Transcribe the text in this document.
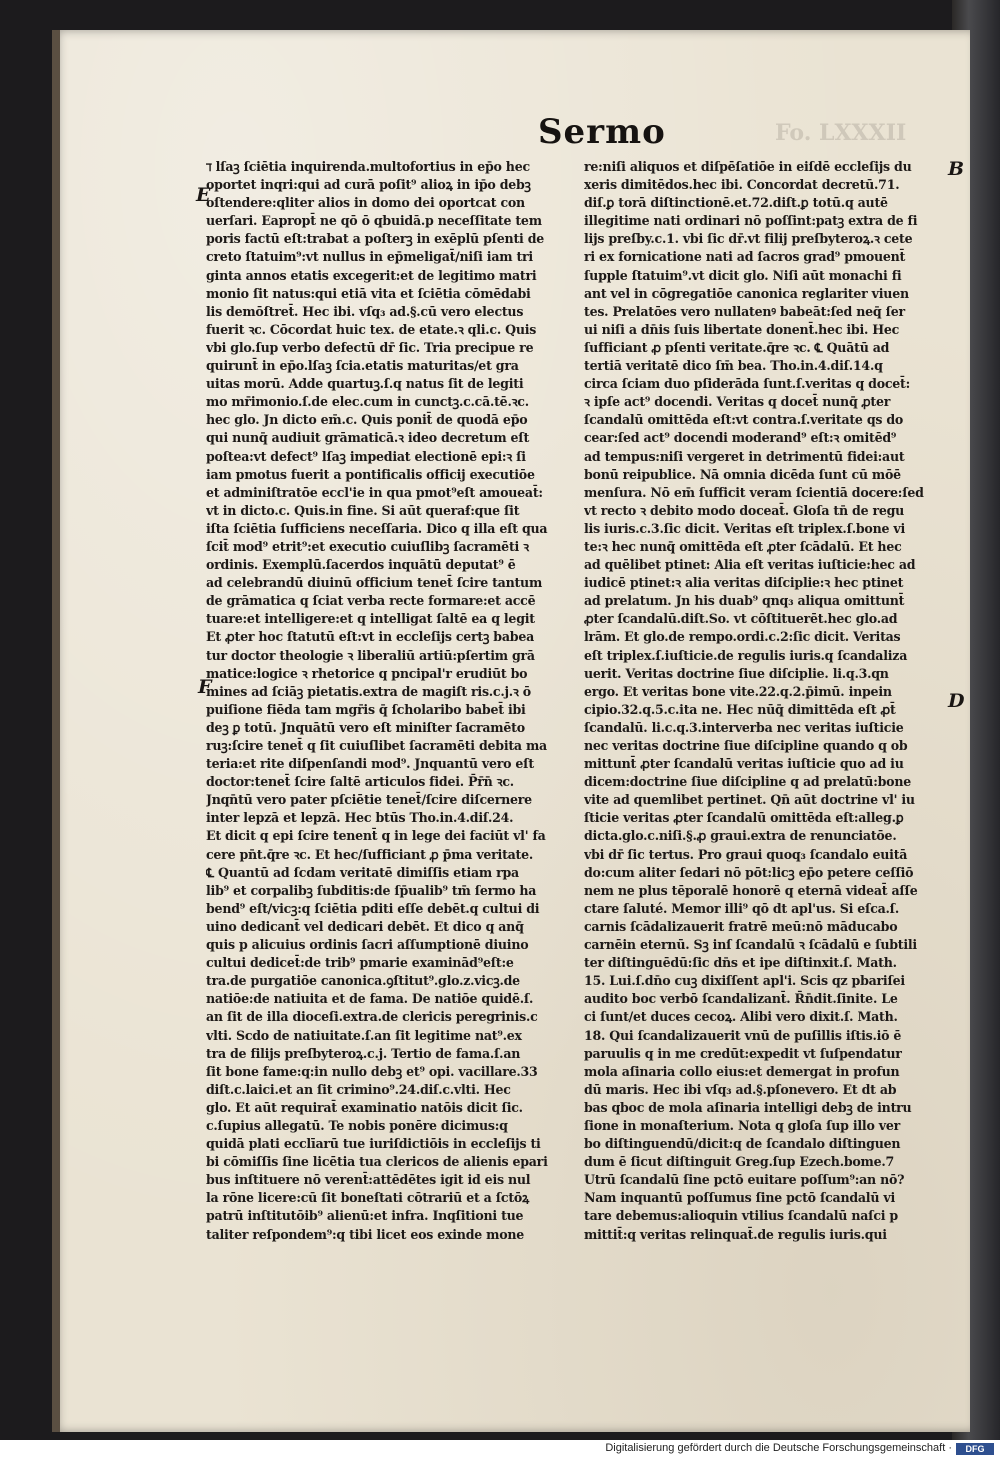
Fo. LXXXII
Sermo
E
F
B
D
ℸ lſaꝫ ſciētia inquirenda.multofortius in ep̄o hec
oportet inqri:qui ad curā poſit⁹ alioꝝ in ip̄o debꝫ
oſtendere:qliter alios in domo dei oportcat con
uerſari. Eapropt̄ ne qō ō qbuidā.p neceſſitate tem
poris factū eſt:trabat a poſterꝫ in exēplū pſenti de
creto ſtatuim⁹:vt nullus in ep̄meligat̄/niſi iam tri
ginta annos etatis excegerit:et de legitimo matri
monio ſit natus:qui etiā vita et ſciētia cōmēdabi
lis demōſtret̄. Hec ibi. vſq₃ ad.§.cū vero electus
fuerit ꝛc. Cōcordat huic tex. de etate.ꝛ qli.c. Quis
vbi glo.ſup verbo defectū dr̄ ſic. Tria precipue re
quirunt̄ in ep̄o.lſaꝫ ſcia.etatis maturitas/et gra
uitas morū. Adde quartuꝫ.ſ.q natus ſit de legiti
mo mr̄imonio.ſ.de elec.cum in cunctꝫ.c.cā.tē.ꝛc.
hec glo. Jn dicto em̄.c. Quis ponit̄ de quodā ep̄o
qui nunq̄ audiuit grāmaticā.ꝛ ideo decretum eſt
poſtea:vt defect⁹ lſaꝫ impediat electionē epi:ꝛ ſi
iam pmotus fuerit a pontificalis officij executiōe
et adminiſtratōe eccl'ie in qua pmot⁹eſt amoueat̄:
vt in dicto.c. Quis.in fine. Si aūt queraẜ:que ſit
iſta ſciētia ſufficiens neceſſaria. Dico q illa eſt qua
ſcit̄ mod⁹ etrit⁹:et executio cuiuſlibꝫ ſacramēti ꝛ
ordinis. Exemplū.ſacerdos inquātū deputat⁹ ē
ad celebrandū diuinū officium tenet̄ ſcire tantum
de grāmatica q ſciat verba recte formare:et accē
tuare:et intelligere:et q intelligat ſaltē ea q legit
Et ꝓter hoc ſtatutū eſt:vt in eccleſijs certꝫ babea
tur doctor theologie ꝛ liberaliū artiū:pſertim grā
matice:logice ꝛ rhetorice q pncipal'r erudiūt bo
mines ad ſciāꝫ pietatis.extra de magiſt ris.c.j.ꝛ ō
puiſione fiēda tam mgr̄is q̄ ſcholaribo babet̄ ibi
deꝫ ꝑ totū. Jnquātū vero eſt miniſter ſacramēto
ruꝫ:ſcire tenet̄ q ſit cuiuſlibet ſacramēti debita ma
teria:et rite diſpenſandi mod⁹. Jnquantū vero eſt
doctor:tenet̄ ſcire ſaltē articulos fidei. P̄r̄n̄ ꝛc.
Jnqn̄tū vero pater pſciētie tenet̄/ſcire diſcernere
inter lepzā et lepzā. Hec btūs Tho.in.4.diſ.24.
Et dicit q epi ſcire tenent̄ q in lege dei faciūt vl' fa
cere pn̄t.q̄re ꝛc. Et hec/ſufficiant ꝓ p̄ma veritate.
℄ Quantū ad ſcdam veritatē dimiſſis etiam rpa
lib⁹ et corpalibꝫ ſubditis:de ſp̄ualib⁹ tm̄ ſermo ha
bend⁹ eſt/vicꝫ:q ſciētia pditi eſſe debēt.q cultui di
uino dedicant̄ vel dedicari debēt. Et dico q anq̄
quis p alicuius ordinis ſacri aſſumptionē diuino
cultui dedicet̄:de trib⁹ pmarie examinād⁹eſt:e
tra.de purgatiōe canonica.ꝯſtitut⁹.glo.z.vicꝫ.de
natiōe:de natiuita et de fama. De natiōe quidē.ſ.
an ſit de illa dioceſi.extra.de clericis peregrinis.c
vlti. Scdo de natiuitate.ſ.an ſit legitime nat⁹.ex
tra de filijs preſbyteroꝝ.c.j. Tertio de fama.ſ.an
ſit bone fame:q:in nullo debꝫ et⁹ opi. vacillare.33
diſt.c.laici.et an ſit crimino⁹.24.diſ.c.vlti. Hec
glo. Et aūt requirat̄ examinatio natōis dicit ſic.
c.ſupius allegatū. Te nobis ponēre dicimus:q
quidā plati ecclīarū tue iuriſdictiōis in eccleſijs ti
bi cōmiſſis ſine licētia tua clericos de alienis epari
bus inſtituere nō verent̄:attēdētes igit id eis nul
la rōne licere:cū ſit boneſtati cōtrariū et a ſctōꝝ
patrū inſtitutōib⁹ alienū:et infra. Inqſitioni tue
taliter reſpondem⁹:q tibi licet eos exinde mone
re:niſi aliquos et diſpēſatiōe in eiſdē eccleſijs du
xeris dimitēdos.hec ibi. Concordat decretū.71.
diſ.ꝑ torā diſtinctionē.et.72.diſt.ꝑ totū.q autē
illegitime nati ordinari nō poſſint:patꝫ extra de fi
lijs preſby.c.1. vbi ſic dr̄.vt filij preſbyteroꝝ.ꝛ cete
ri ex fornicatione nati ad ſacros grad⁹ pmouent̄
ſupple ſtatuim⁹.vt dicit glo. Niſi aūt monachi fi
ant vel in cōgregatiōe canonica reglariter viuen
tes. Prelatōes vero nullatenꝰ babeāt:ſed neq̄ ſer
ui niſi a dn̄is ſuis libertate donent̄.hec ibi. Hec
ſufficiant ꝓ pſenti veritate.q̄re ꝛc. ℄ Quātū ad
tertiā veritatē dico ſm̄ bea. Tho.in.4.diſ.14.q
circa ſciam duo pſiderāda ſunt.ſ.veritas q docet̄:
ꝛ ipſe act⁹ docendi. Veritas q docet̄ nunq̄ ꝓter
ſcandalū omittēda eſt:vt contra.ſ.veritate qs do
cear:ſed act⁹ docendi moderand⁹ eſt:ꝛ omitēd⁹
ad tempus:niſi vergeret in detrimentū fidei:aut
bonū reipublice. Nā omnia dicēda ſunt cū mōē
menſura. Nō em̄ ſufficit veram ſcientiā docere:ſed
vt recto ꝛ debito modo doceat̄. Gloſa tn̄ de regu
lis iuris.c.3.ſic dicit. Veritas eſt triplex.ſ.bone vi
te:ꝛ hec nunq̄ omittēda eſt ꝓter ſcādalū. Et hec
ad quēlibet ptinet: Alia eſt veritas iuſticie:hec ad
iudicē ptinet:ꝛ alia veritas diſciplie:ꝛ hec ptinet
ad prelatum. Jn his duab⁹ qnq₃ aliqua omittunt̄
ꝓter ſcandalū.diſt.So. vt cōſtituerēt.hec glo.ad
lrām. Et glo.de rempo.ordi.c.2:ſic dicit. Veritas
eſt triplex.ſ.iuſticie.de regulis iuris.q ſcandaliza
uerit. Veritas doctrine ſiue diſciplie. li.q.3.qn
ergo. Et veritas bone vite.22.q.2.p̄imū. inpein
cipio.32.q.5.c.ita ne. Hec nūq̄ dimittēda eſt ꝓt̄
ſcandalū. li.c.q.3.interverba nec veritas iuſticie
nec veritas doctrine ſiue diſcipline quando q ob
mittunt̄ ꝓter ſcandalū veritas iuſticie quo ad iu
dicem:doctrine ſiue diſcipline q ad prelatū:bone
vite ad quemlibet pertinet. Qn̄ aūt doctrine vl' iu
ſticie veritas ꝓter ſcandalū omittēda eſt:alleg.ꝑ
dicta.glo.c.niſi.§.ꝓ graui.extra de renunciatōe.
vbi dr̄ ſic tertus. Pro graui quoq₃ ſcandalo euitā
do:cum aliter ſedari nō pōt:licꝫ ep̄o petere ceſſiō
nem ne plus tēporalē honorē q eternā videat̄ aſſe
ctare ſaluté. Memor illi⁹ qō dt apl'us. Si eſca.ſ.
carnis ſcādalizauerit fratrē meū:nō māducabo
carnēin eternū. Sꝫ inſ ſcandalū ꝛ ſcādalū e ſubtili
ter diſtinguēdū:ſic dn̄s et ipe diſtinxit.ſ. Math.
15. Lui.ſ.dn̄o cuꝫ dixiſſent apl'i. Scis qz pbariſei
audito boc verbō ſcandalizant̄. R̄n̄dit.ſinite. Le
ci ſunt/et duces cecoꝝ. Alibi vero dixit.ſ. Math.
18. Qui ſcandalizauerit vnū de puſillis iſtis.iō ē
paruulis q in me credūt:expedit vt ſuſpendatur
mola aſinaria collo eius:et demergat in profun
dū maris. Hec ibi vſq₃ ad.§.pſonevero. Et dt ab
bas qboc de mola aſinaria intelligi debꝫ de intru
ſione in monaſterium. Nota q gloſa ſup illo ver
bo diſtinguendū/dicit:q de ſcandalo diſtinguen
dum ē ſicut diſtinguit Greg.ſup Ezech.bome.7
Utrū ſcandalū ſine pctō euitare poſſum⁹:an nō?
Nam inquantū poſſumus ſine pctō ſcandalū vi
tare debemus:alioquin vtilius ſcandalū naſci p
mittit̄:q veritas relinquat̄.de regulis iuris.qui
Digitalisierung gefördert durch die Deutsche Forschungsgemeinschaft ·	DFG
